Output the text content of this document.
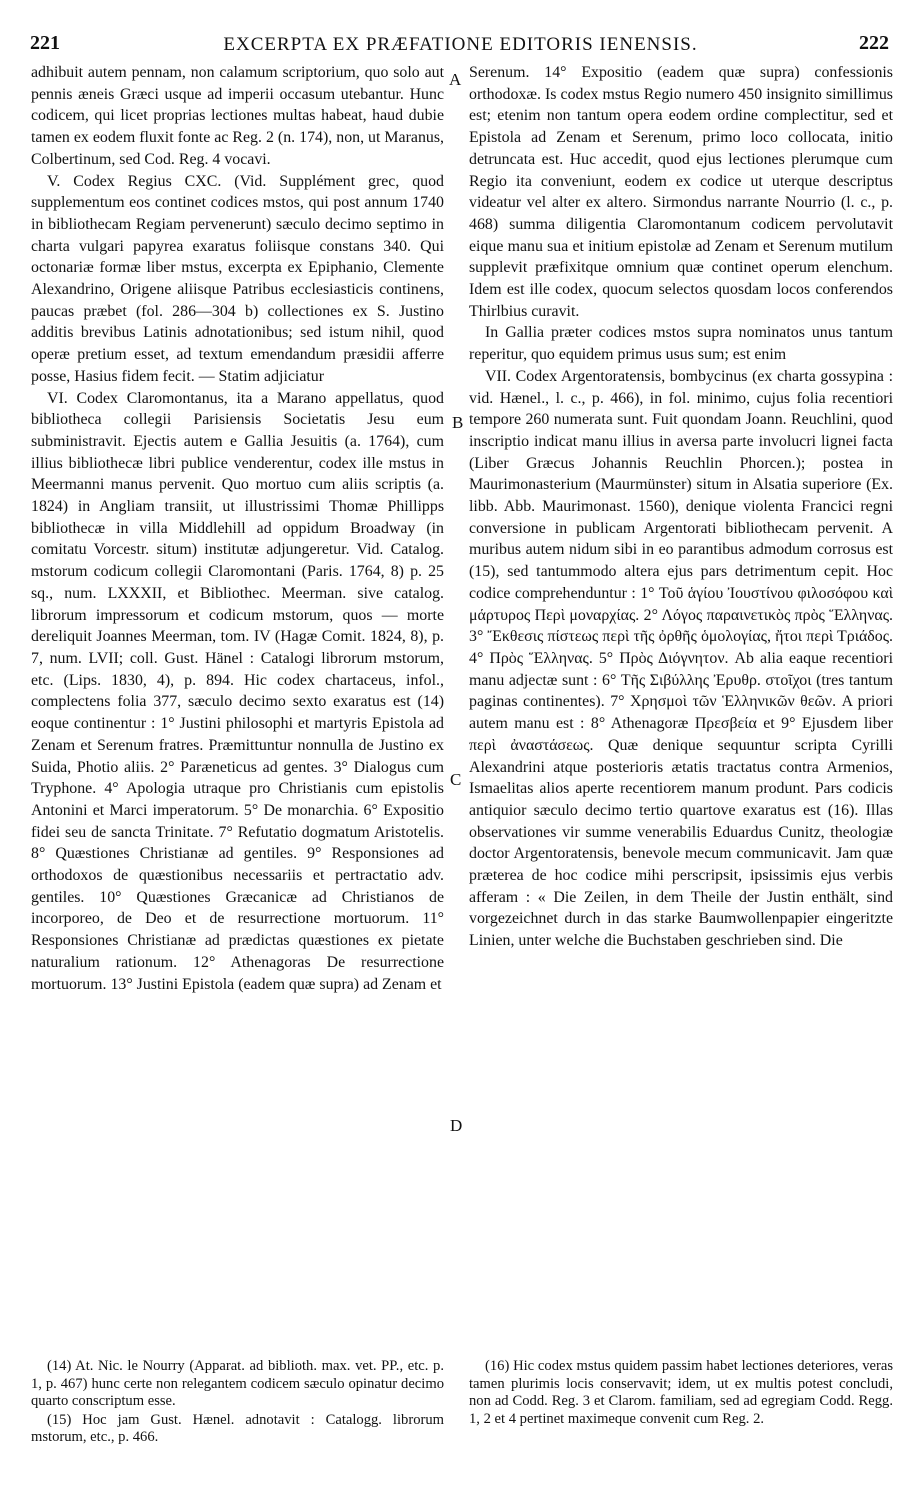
221	EXCERPTA EX PRÆFATIONE EDITORIS IENENSIS.	222

adhibuit autem pennam, non calamum scriptorium, quo solo aut pennis æneis Græci usque ad imperii occasum utebantur. Hunc codicem, qui licet proprias lectiones multas habeat, haud dubie tamen ex eodem fluxit fonte ac Reg. 2 (n. 174), non, ut Maranus, Colbertinum, sed Cod. Reg. 4 vocavi.

V. Codex Regius CXC. (Vid. Supplément grec, quod supplementum eos continet codices mstos, qui post annum 1740 in bibliothecam Regiam pervenerunt) sæculo decimo septimo in charta vulgari papyrea exaratus foliisque constans 340. Qui octonariæ formæ liber mstus, excerpta ex Epiphanio, Clemente Alexandrino, Origene aliisque Patribus ecclesiasticis continens, paucas præbet (fol. 286—304 b) collectiones ex S. Justino additis brevibus Latinis adnotationibus; sed istum nihil, quod operæ pretium esset, ad textum emendandum præsidii afferre posse, Hasius fidem fecit. — Statim adjiciatur

VI. Codex Claromontanus, ita a Marano appellatus, quod bibliotheca collegii Parisiensis Societatis Jesu eum subministravit. Ejectis autem e Gallia Jesuitis (a. 1764), cum illius bibliothecæ libri publice venderentur, codex ille mstus in Meermanni manus pervenit. Quo mortuo cum aliis scriptis (a. 1824) in Angliam transiit, ut illustrissimi Thomæ Phillipps bibliothecæ in villa Middlehill ad oppidum Broadway (in comitatu Vorcestr. situm) institutæ adjungeretur. Vid. Catalog. mstorum codicum collegii Claromontani (Paris. 1764, 8) p. 25 sq., num. LXXXII, et Bibliothec. Meerman. sive catalog. librorum impressorum et codicum mstorum, quos — morte dereliquit Joannes Meerman, tom. IV (Hagæ Comit. 1824, 8), p. 7, num. LVII; coll. Gust. Hänel : Catalogi librorum mstorum, etc. (Lips. 1830, 4), p. 894. Hic codex chartaceus, infol., complectens folia 377, sæculo decimo sexto exaratus est (14) eoque continentur : 1° Justini philosophi et martyris Epistola ad Zenam et Serenum fratres. Præmittuntur nonnulla de Justino ex Suida, Photio aliis. 2° Paræneticus ad gentes. 3° Dialogus cum Tryphone. 4° Apologia utraque pro Christianis cum epistolis Antonini et Marci imperatorum. 5° De monarchia. 6° Expositio fidei seu de sancta Trinitate. 7° Refutatio dogmatum Aristotelis. 8° Quæstiones Christianæ ad gentiles. 9° Responsiones ad orthodoxos de quæstionibus necessariis et pertractatio adv. gentiles. 10° Quæstiones Græcanicæ ad Christianos de incorporeo, de Deo et de resurrectione mortuorum. 11° Responsiones Christianæ ad prædictas quæstiones ex pietate naturalium rationum. 12° Athenagoras De resurrectione mortuorum. 13° Justini Epistola (eadem quæ supra) ad Zenam et

A
B
C
D

Serenum. 14° Expositio (eadem quæ supra) confessionis orthodoxæ. Is codex mstus Regio numero 450 insignito simillimus est; etenim non tantum opera eodem ordine complectitur, sed et Epistola ad Zenam et Serenum, primo loco collocata, initio detruncata est. Huc accedit, quod ejus lectiones plerumque cum Regio ita conveniunt, eodem ex codice ut uterque descriptus videatur vel alter ex altero. Sirmondus narrante Nourrio (l. c., p. 468) summa diligentia Claromontanum codicem pervolutavit eique manu sua et initium epistolæ ad Zenam et Serenum mutilum supplevit præfixitque omnium quæ continet operum elenchum. Idem est ille codex, quocum selectos quosdam locos conferendos Thirlbius curavit.

In Gallia præter codices mstos supra nominatos unus tantum reperitur, quo equidem primus usus sum; est enim

VII. Codex Argentoratensis, bombycinus (ex charta gossypina : vid. Hænel., l. c., p. 466), in fol. minimo, cujus folia recentiori tempore 260 numerata sunt. Fuit quondam Joann. Reuchlini, quod inscriptio indicat manu illius in aversa parte involucri lignei facta (Liber Græcus Johannis Reuchlin Phorcen.); postea in Maurimonasterium (Maurmünster) situm in Alsatia superiore (Ex. libb. Abb. Maurimonast. 1560), denique violenta Francici regni conversione in publicam Argentorati bibliothecam pervenit. A muribus autem nidum sibi in eo parantibus admodum corrosus est (15), sed tantummodo altera ejus pars detrimentum cepit. Hoc codice comprehenduntur : 1° Τοῦ ἁγίου Ἰουστίνου φιλοσόφου καὶ μάρτυρος Περὶ μοναρχίας. 2° Λόγος παραινετικὸς πρὸς Ἕλληνας. 3° Ἔκθεσις πίστεως περὶ τῆς ὀρθῆς ὁμολογίας, ἤτοι περὶ Τριάδος. 4° Πρὸς Ἕλληνας. 5° Πρὸς Διόγνητον. Ab alia eaque recentiori manu adjectæ sunt : 6° Τῆς Σιβύλλης Ἐρυθρ. στοῖχοι (tres tantum paginas continentes). 7° Χρησμοὶ τῶν Ἑλληνικῶν θεῶν. A priori autem manu est : 8° Athenagoræ Πρεσβεία et 9° Ejusdem liber περὶ ἀναστάσεως. Quæ denique sequuntur scripta Cyrilli Alexandrini atque posterioris ætatis tractatus contra Armenios, Ismaelitas alios aperte recentiorem manum produnt. Pars codicis antiquior sæculo decimo tertio quartove exaratus est (16). Illas observationes vir summe venerabilis Eduardus Cunitz, theologiæ doctor Argentoratensis, benevole mecum communicavit. Jam quæ præterea de hoc codice mihi perscripsit, ipsissimis ejus verbis afferam : « Die Zeilen, in dem Theile der Justin enthält, sind vorgezeichnet durch in das starke Baumwollenpapier eingeritzte Linien, unter welche die Buchstaben geschrieben sind. Die

(14) At. Nic. le Nourry (Apparat. ad biblioth. max. vet. PP., etc. p. 1, p. 467) hunc certe non relegantem codicem sæculo opinatur decimo quarto conscriptum esse.

(15) Hoc jam Gust. Hænel. adnotavit : Catalogg. librorum mstorum, etc., p. 466.

(16) Hic codex mstus quidem passim habet lectiones deteriores, veras tamen plurimis locis conservavit; idem, ut ex multis potest concludi, non ad Codd. Reg. 3 et Clarom. familiam, sed ad egregiam Codd. Regg. 1, 2 et 4 pertinet maximeque convenit cum Reg. 2.
